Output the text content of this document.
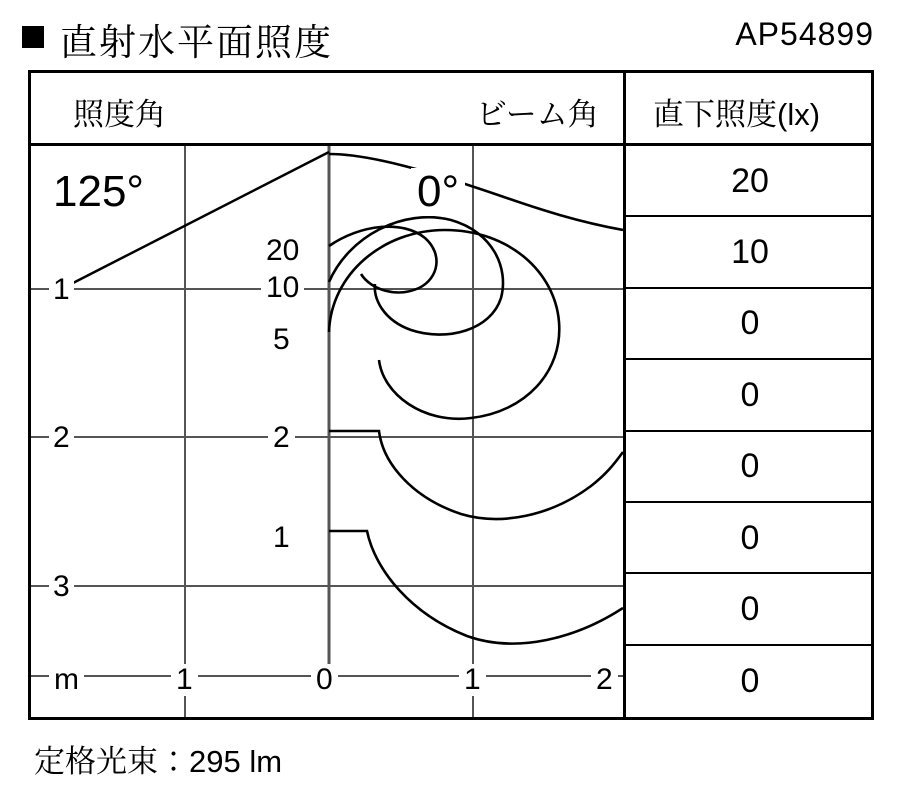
直射水平面照度	AP54899
照度角	ビーム角 直下照度(lx)
125°	0°
20
10
5
2
1
1
2
3
m	1	0	1	2
20
10
0
0
0
0
0
0
定格光束：295 lm
